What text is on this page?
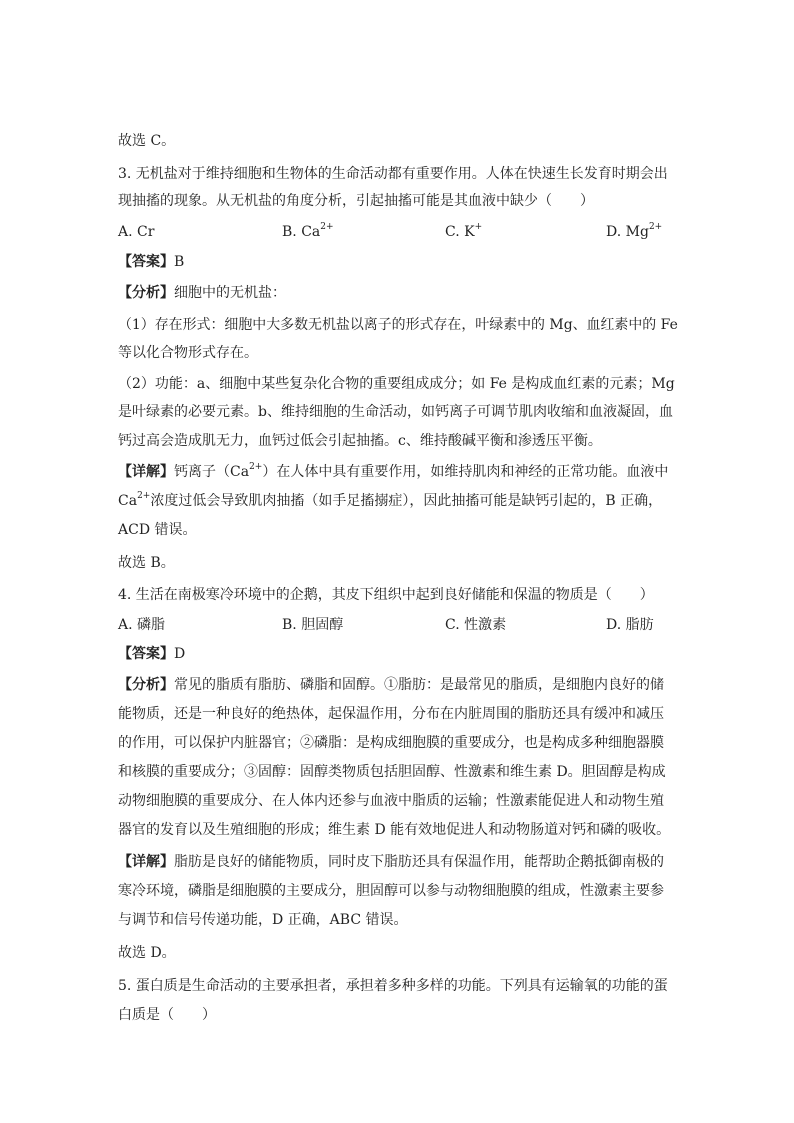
故选 C。
3. 无机盐对于维持细胞和生物体的生命活动都有重要作用。人体在快速生长发育时期会出
现抽搐的现象。从无机盐的角度分析，引起抽搐可能是其血液中缺少（　　）
A. Cr	B. $Ca^{2+}$	C. K+	D. $Mg^{2+}$
【答案】B
【分析】细胞中的无机盐：
（1）存在形式：细胞中大多数无机盐以离子的形式存在，叶绿素中的 Mg、血红素中的 Fe
等以化合物形式存在。
（2）功能：a、细胞中某些复杂化合物的重要组成成分；如 Fe 是构成血红素的元素；Mg
是叶绿素的必要元素。b、维持细胞的生命活动，如钙离子可调节肌肉收缩和血液凝固，血
钙过高会造成肌无力，血钙过低会引起抽搐。c、维持酸碱平衡和渗透压平衡。
【详解】钙离子$(Ca^{2+})$在人体中具有重要作用，如维持肌肉和神经的正常功能。血液中
$Ca^{2+}$浓度过低会导致肌肉抽搐（如手足搐搦症），因此抽搐可能是缺钙引起的，B 正确，
ACD 错误。
故选 B。
4. 生活在南极寒冷环境中的企鹅，其皮下组织中起到良好储能和保温的物质是（　　）
A. 磷脂	B. 胆固醇	C. 性激素	D. 脂肪
【答案】D
【分析】常见的脂质有脂肪、磷脂和固醇。①脂肪：是最常见的脂质，是细胞内良好的储
能物质，还是一种良好的绝热体，起保温作用，分布在内脏周围的脂肪还具有缓冲和减压
的作用，可以保护内脏器官；②磷脂：是构成细胞膜的重要成分，也是构成多种细胞器膜
和核膜的重要成分；③固醇：固醇类物质包括胆固醇、性激素和维生素 D。胆固醇是构成
动物细胞膜的重要成分、在人体内还参与血液中脂质的运输；性激素能促进人和动物生殖
器官的发育以及生殖细胞的形成；维生素 D 能有效地促进人和动物肠道对钙和磷的吸收。
【详解】脂肪是良好的储能物质，同时皮下脂肪还具有保温作用，能帮助企鹅抵御南极的
寒冷环境，磷脂是细胞膜的主要成分，胆固醇可以参与动物细胞膜的组成，性激素主要参
与调节和信号传递功能，D 正确，ABC 错误。
故选 D。
5. 蛋白质是生命活动的主要承担者，承担着多种多样的功能。下列具有运输氧的功能的蛋
白质是（　　）
